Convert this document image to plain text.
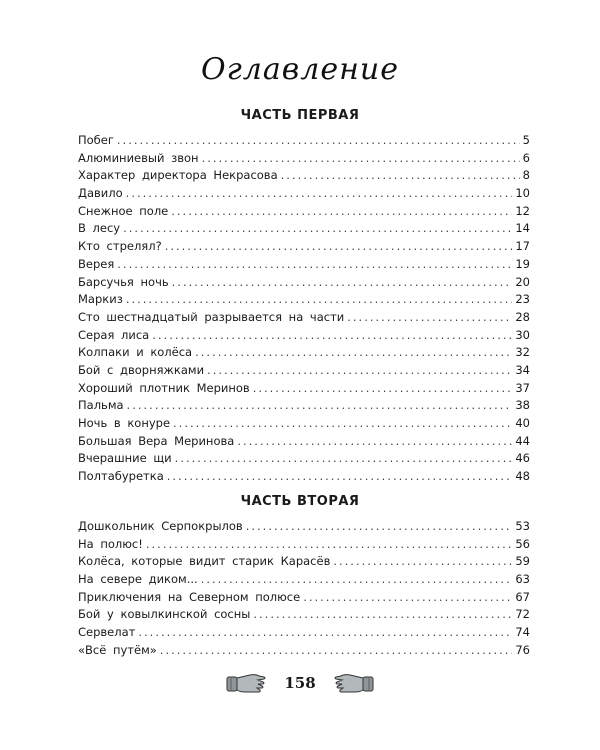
Оглавление
ЧАСТЬ ПЕРВАЯ
Побег .....	5
Алюминиевый звон .....	6
Характер директора Некрасова .....	8
Давило .....	10
Снежное поле .....	12
В лесу .....	14
Кто стрелял? .....	17
Верея .....	19
Барсучья ночь .....	20
Маркиз .....	23
Сто шестнадцатый разрывается на части .....	28
Серая лиса .....	30
Колпаки и колёса .....	32
Бой с дворняжками .....	34
Хороший плотник Меринов .....	37
Пальма .....	38
Ночь в конуре .....	40
Большая Вера Меринова .....	44
Вчерашние щи .....	46
Полтабуретка .....	48
ЧАСТЬ ВТОРАЯ
Дошкольник Серпокрылов .....	53
На полюс! .....	56
Колёса, которые видит старик Карасёв .....	59
На севере диком... .....	63
Приключения на Северном полюсе .....	67
Бой у ковылкинской сосны .....	72
Сервелат .....	74
«Всё путём» .....	76
158
